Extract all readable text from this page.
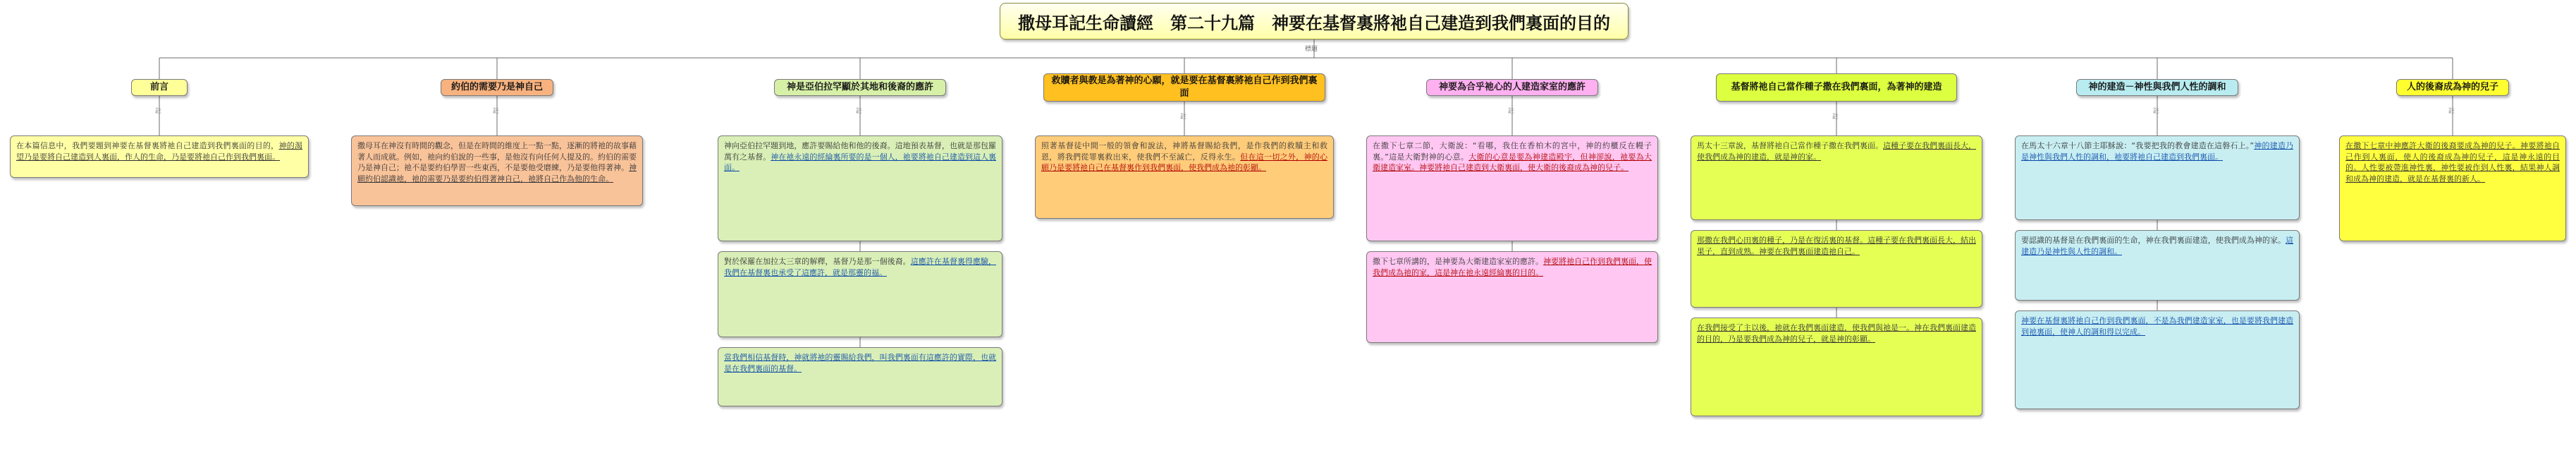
撒母耳記生命讀經　第二十九篇　神要在基督裏將祂自己建造到我們裏面的目的
標題
前言
註
在本篇信息中，我們要題到神要在基督裏將祂自己建造到我們裏面的目的，神的渴望乃是要將自己建造到人裏面，作人的生命，乃是要將祂自己作到我們裏面。
約伯的需要乃是神自己
註
撒母耳在神沒有時間的觀念，但是在時間的維度上一點一點，逐漸的將祂的故事藉著人而成就。例如，祂向約伯說的一些事，是他沒有向任何人提及的。約伯的需要乃是神自己；祂不是要約伯學習一些東西，不是要他受磨練，乃是要他得著神。神願約伯認識祂，祂的需要乃是要約伯得著神自己，祂將自己作為他的生命。
神是亞伯拉罕顯於其地和後裔的應許
註
神向亞伯拉罕題到地，應許要賜給他和他的後裔。這地預表基督，也就是那包羅萬有之基督。神在祂永遠的經綸裏所要的是一個人，祂要將祂自己建造到這人裏面。
對於保羅在加拉太三章的解釋，基督乃是那一個後裔。這應許在基督裏得應驗，我們在基督裏也承受了這應許，就是那靈的福。
當我們相信基督時，神就將祂的靈賜給我們，叫我們裏面有這應許的實際，也就是在我們裏面的基督。
救贖者與教是為著神的心願，就是要在基督裏將祂自己作到我們裏面
註
照著基督徒中間一般的領會和說法，神將基督賜給我們，是作我們的救贖主和救恩，將我們從罪裏救出來，使我們不至滅亡，反得永生。但在這一切之外，神的心願乃是要將祂自己在基督裏作到我們裏面，使我們成為祂的彰顯。
神要為合乎祂心的人建造家室的應許
註
在撒下七章二節，大衛說：“看哪，我住在香柏木的宮中，神的約櫃反在幔子裏。”這是大衛對神的心意。大衛的心意是要為神建造殿宇，但神卻說，祂要為大衛建造家室。神要將祂自己建造到大衛裏面，使大衛的後裔成為神的兒子。
撒下七章所講的，是神要為大衛建造家室的應許。神要將祂自己作到我們裏面，使我們成為祂的家，這是神在祂永遠經綸裏的目的。
基督將祂自己當作種子撒在我們裏面，為著神的建造
註
馬太十三章說，基督將祂自己當作種子撒在我們裏面。這種子要在我們裏面長大，使我們成為神的建造，就是神的家。
那撒在我們心田裏的種子，乃是在復活裏的基督。這種子要在我們裏面長大，結出果子，直到成熟。神要在我們裏面建造祂自己。
在我們接受了主以後，祂就在我們裏面建造，使我們與祂是一。神在我們裏面建造的目的，乃是要我們成為神的兒子，就是神的彰顯。
神的建造－神性與我們人性的調和
註
在馬太十六章十八節主耶穌說：“我要把我的教會建造在這磐石上。”神的建造乃是神性與我們人性的調和，祂要將祂自己建造到我們裏面。
要認識的基督是在我們裏面的生命，神在我們裏面建造，使我們成為神的家。這建造乃是神性與人性的調和。
神要在基督裏將祂自己作到我們裏面，不是為我們建造家室，也是要將我們建造到祂裏面，使神人的調和得以完成。
人的後裔成為神的兒子
註
在撒下七章中神應許大衛的後裔要成為神的兒子。神要將祂自己作到人裏面，使人的後裔成為神的兒子，這是神永遠的目的。人性要被帶進神性裏，神性要被作到人性裏，結果神人調和成為神的建造，就是在基督裏的新人。
